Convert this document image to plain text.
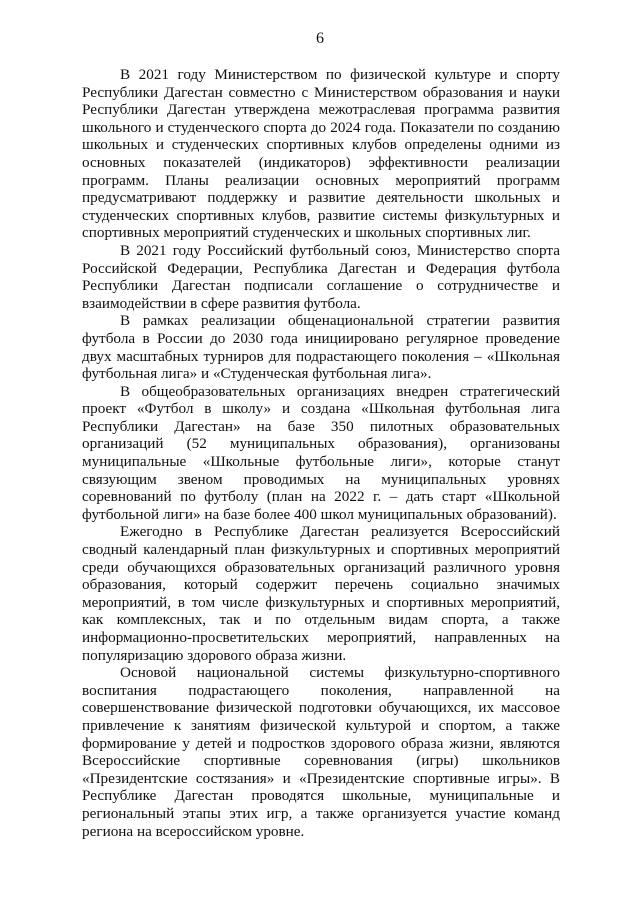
6

В 2021 году Министерством по физической культуре и спорту Республики Дагестан совместно с Министерством образования и науки Республики Дагестан утверждена межотраслевая программа развития школьного и студенческого спорта до 2024 года. Показатели по созданию школьных и студенческих спортивных клубов определены одними из основных показателей (индикаторов) эффективности реализации программ. Планы реализации основных мероприятий программ предусматривают поддержку и развитие деятельности школьных и студенческих спортивных клубов, развитие системы физкультурных и спортивных мероприятий студенческих и школьных спортивных лиг.

В 2021 году Российский футбольный союз, Министерство спорта Российской Федерации, Республика Дагестан и Федерация футбола Республики Дагестан подписали соглашение о сотрудничестве и взаимодействии в сфере развития футбола.

В рамках реализации общенациональной стратегии развития футбола в России до 2030 года инициировано регулярное проведение двух масштабных турниров для подрастающего поколения – «Школьная футбольная лига» и «Студенческая футбольная лига».

В общеобразовательных организациях внедрен стратегический проект «Футбол в школу» и создана «Школьная футбольная лига Республики Дагестан» на базе 350 пилотных образовательных организаций (52 муниципальных образования), организованы муниципальные «Школьные футбольные лиги», которые станут связующим звеном проводимых на муниципальных уровнях соревнований по футболу (план на 2022 г. – дать старт «Школьной футбольной лиги» на базе более 400 школ муниципальных образований).

Ежегодно в Республике Дагестан реализуется Всероссийский сводный календарный план физкультурных и спортивных мероприятий среди обучающихся образовательных организаций различного уровня образования, который содержит перечень социально значимых мероприятий, в том числе физкультурных и спортивных мероприятий, как комплексных, так и по отдельным видам спорта, а также информационно-просветительских мероприятий, направленных на популяризацию здорового образа жизни.

Основой национальной системы физкультурно-спортивного воспитания подрастающего поколения, направленной на совершенствование физической подготовки обучающихся, их массовое привлечение к занятиям физической культурой и спортом, а также формирование у детей и подростков здорового образа жизни, являются Всероссийские спортивные соревнования (игры) школьников «Президентские состязания» и «Президентские спортивные игры». В Республике Дагестан проводятся школьные, муниципальные и региональный этапы этих игр, а также организуется участие команд региона на всероссийском уровне.
